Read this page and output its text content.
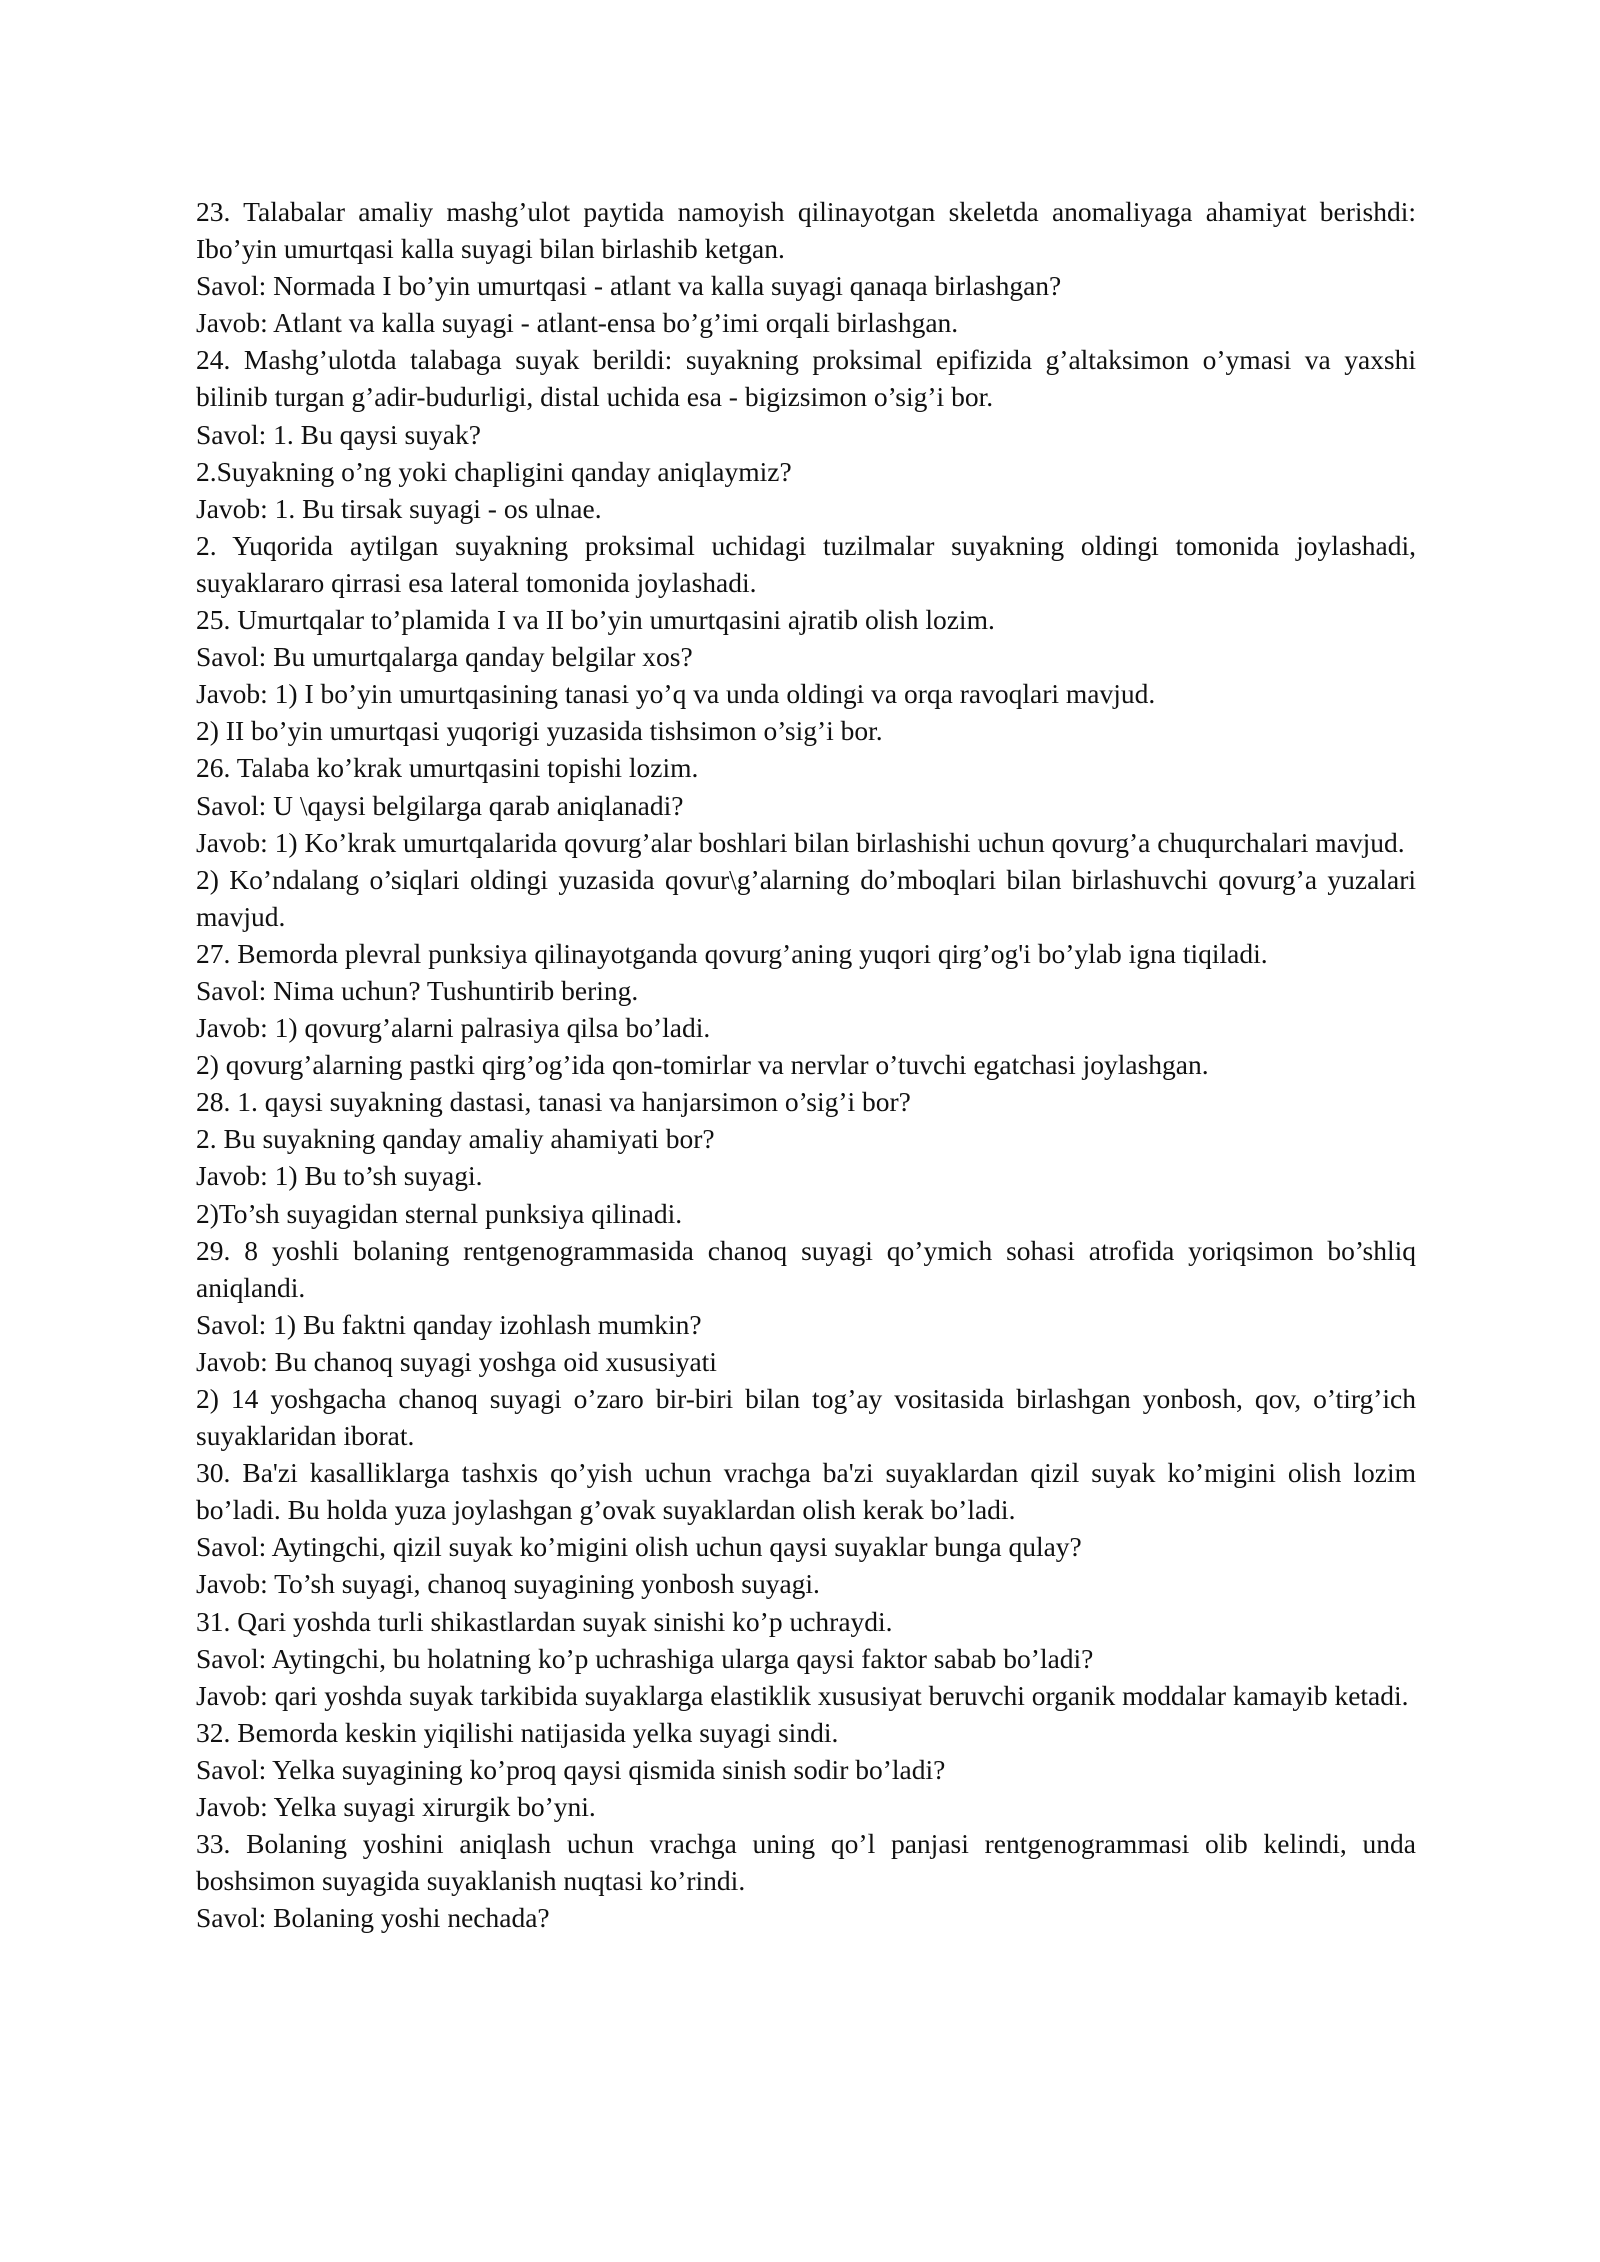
23. Talabalar amaliy mashg’ulot paytida namoyish qilinayotgan skeletda anomaliyaga ahamiyat berishdi: Ibo’yin umurtqasi kalla suyagi bilan birlashib ketgan.

Savol: Normada I bo’yin umurtqasi - atlant va kalla suyagi qanaqa birlashgan?

Javob: Atlant va kalla suyagi - atlant-ensa bo’g’imi orqali birlashgan.

24. Mashg’ulotda talabaga suyak berildi: suyakning proksimal epifizida g’altaksimon o’ymasi va yaxshi bilinib turgan g’adir-budurligi, distal uchida esa - bigizsimon o’sig’i bor.

Savol: 1. Bu qaysi suyak?

2.Suyakning o’ng yoki chapligini qanday aniqlaymiz?

Javob: 1. Bu tirsak suyagi - os ulnae.

2. Yuqorida aytilgan suyakning proksimal uchidagi tuzilmalar suyakning oldingi tomonida joylashadi, suyaklararo qirrasi esa lateral tomonida joylashadi.

25. Umurtqalar to’plamida I va II bo’yin umurtqasini ajratib olish lozim.

Savol: Bu umurtqalarga qanday belgilar xos?

Javob: 1) I bo’yin umurtqasining tanasi yo’q va unda oldingi va orqa ravoqlari mavjud.

2) II bo’yin umurtqasi yuqorigi yuzasida tishsimon o’sig’i bor.

26. Talaba ko’krak umurtqasini topishi lozim.

Savol: U \qaysi belgilarga qarab aniqlanadi?

Javob: 1) Ko’krak umurtqalarida qovurg’alar boshlari bilan birlashishi uchun qovurg’a chuqurchalari mavjud.

2) Ko’ndalang o’siqlari oldingi yuzasida qovur\g’alarning do’mboqlari bilan birlashuvchi qovurg’a yuzalari mavjud.

27. Bemorda plevral punksiya qilinayotganda qovurg’aning yuqori qirg’og'i bo’ylab igna tiqiladi.

Savol: Nima uchun? Tushuntirib bering.

Javob: 1) qovurg’alarni palrasiya qilsa bo’ladi.

2) qovurg’alarning pastki qirg’og’ida qon-tomirlar va nervlar o’tuvchi egatchasi joylashgan.

28. 1. qaysi suyakning dastasi, tanasi va hanjarsimon o’sig’i bor?

2. Bu suyakning qanday amaliy ahamiyati bor?

Javob: 1) Bu to’sh suyagi.

2)To’sh suyagidan sternal punksiya qilinadi.

29. 8 yoshli bolaning rentgenogrammasida chanoq suyagi qo’ymich sohasi atrofida yoriqsimon bo’shliq aniqlandi.

Savol: 1) Bu faktni qanday izohlash mumkin?

Javob: Bu chanoq suyagi yoshga oid xususiyati

2) 14 yoshgacha chanoq suyagi o’zaro bir-biri bilan tog’ay vositasida birlashgan yonbosh, qov, o’tirg’ich suyaklaridan iborat.

30. Ba'zi kasalliklarga tashxis qo’yish uchun vrachga ba'zi suyaklardan qizil suyak ko’migini olish lozim bo’ladi. Bu holda yuza joylashgan g’ovak suyaklardan olish kerak bo’ladi.

Savol: Aytingchi, qizil suyak ko’migini olish uchun qaysi suyaklar bunga qulay?

Javob: To’sh suyagi, chanoq suyagining yonbosh suyagi.

31. Qari yoshda turli shikastlardan suyak sinishi ko’p uchraydi.

Savol: Aytingchi, bu holatning ko’p uchrashiga ularga qaysi faktor sabab bo’ladi?

Javob: qari yoshda suyak tarkibida suyaklarga elastiklik xususiyat beruvchi organik moddalar kamayib ketadi.

32. Bemorda keskin yiqilishi natijasida yelka suyagi sindi.

Savol: Yelka suyagining ko’proq qaysi qismida sinish sodir bo’ladi?

Javob: Yelka suyagi xirurgik bo’yni.

33. Bolaning yoshini aniqlash uchun vrachga uning qo’l panjasi rentgenogrammasi olib kelindi, unda boshsimon suyagida suyaklanish nuqtasi ko’rindi.

Savol: Bolaning yoshi nechada?
